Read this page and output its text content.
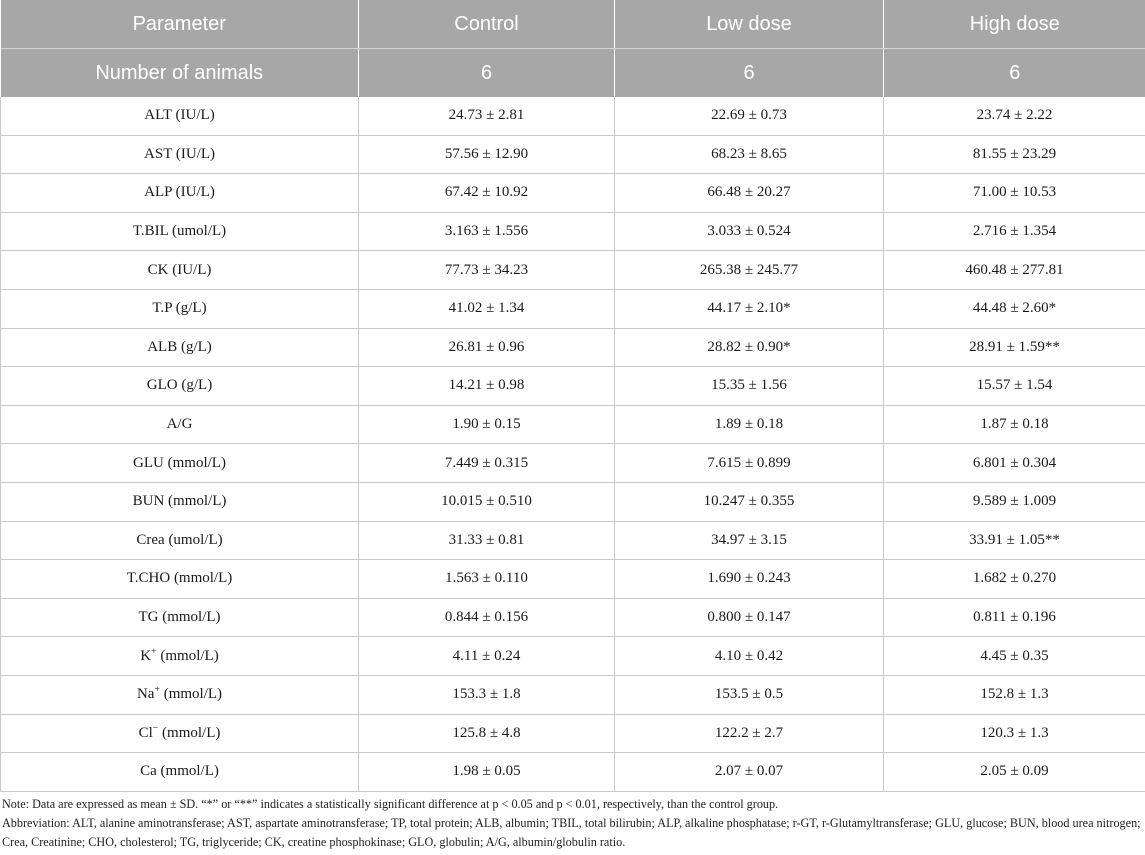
Parameter	Control	Low dose	High dose
Number of animals	6	6	6
ALT (IU/L)	24.73 ± 2.81	22.69 ± 0.73	23.74 ± 2.22
AST (IU/L)	57.56 ± 12.90	68.23 ± 8.65	81.55 ± 23.29
ALP (IU/L)	67.42 ± 10.92	66.48 ± 20.27	71.00 ± 10.53
T.BIL (umol/L)	3.163 ± 1.556	3.033 ± 0.524	2.716 ± 1.354
CK (IU/L)	77.73 ± 34.23	265.38 ± 245.77	460.48 ± 277.81
T.P (g/L)	41.02 ± 1.34	44.17 ± 2.10*	44.48 ± 2.60*
ALB (g/L)	26.81 ± 0.96	28.82 ± 0.90*	28.91 ± 1.59**
GLO (g/L)	14.21 ± 0.98	15.35 ± 1.56	15.57 ± 1.54
A/G	1.90 ± 0.15	1.89 ± 0.18	1.87 ± 0.18
GLU (mmol/L)	7.449 ± 0.315	7.615 ± 0.899	6.801 ± 0.304
BUN (mmol/L)	10.015 ± 0.510	10.247 ± 0.355	9.589 ± 1.009
Crea (umol/L)	31.33 ± 0.81	34.97 ± 3.15	33.91 ± 1.05**
T.CHO (mmol/L)	1.563 ± 0.110	1.690 ± 0.243	1.682 ± 0.270
TG (mmol/L)	0.844 ± 0.156	0.800 ± 0.147	0.811 ± 0.196
K+ (mmol/L)	4.11 ± 0.24	4.10 ± 0.42	4.45 ± 0.35
Na+ (mmol/L)	153.3 ± 1.8	153.5 ± 0.5	152.8 ± 1.3
Cl− (mmol/L)	125.8 ± 4.8	122.2 ± 2.7	120.3 ± 1.3
Ca (mmol/L)	1.98 ± 0.05	2.07 ± 0.07	2.05 ± 0.09

Note: Data are expressed as mean ± SD. “*” or “**” indicates a statistically significant difference at p < 0.05 and p < 0.01, respectively, than the control group.

Abbreviation: ALT, alanine aminotransferase; AST, aspartate aminotransferase; TP, total protein; ALB, albumin; TBIL, total bilirubin; ALP, alkaline phosphatase; r-GT, r-Glutamyltransferase; GLU, glucose; BUN, blood urea nitrogen; Crea, Creatinine; CHO, cholesterol; TG, triglyceride; CK, creatine phosphokinase; GLO, globulin; A/G, albumin/globulin ratio.
